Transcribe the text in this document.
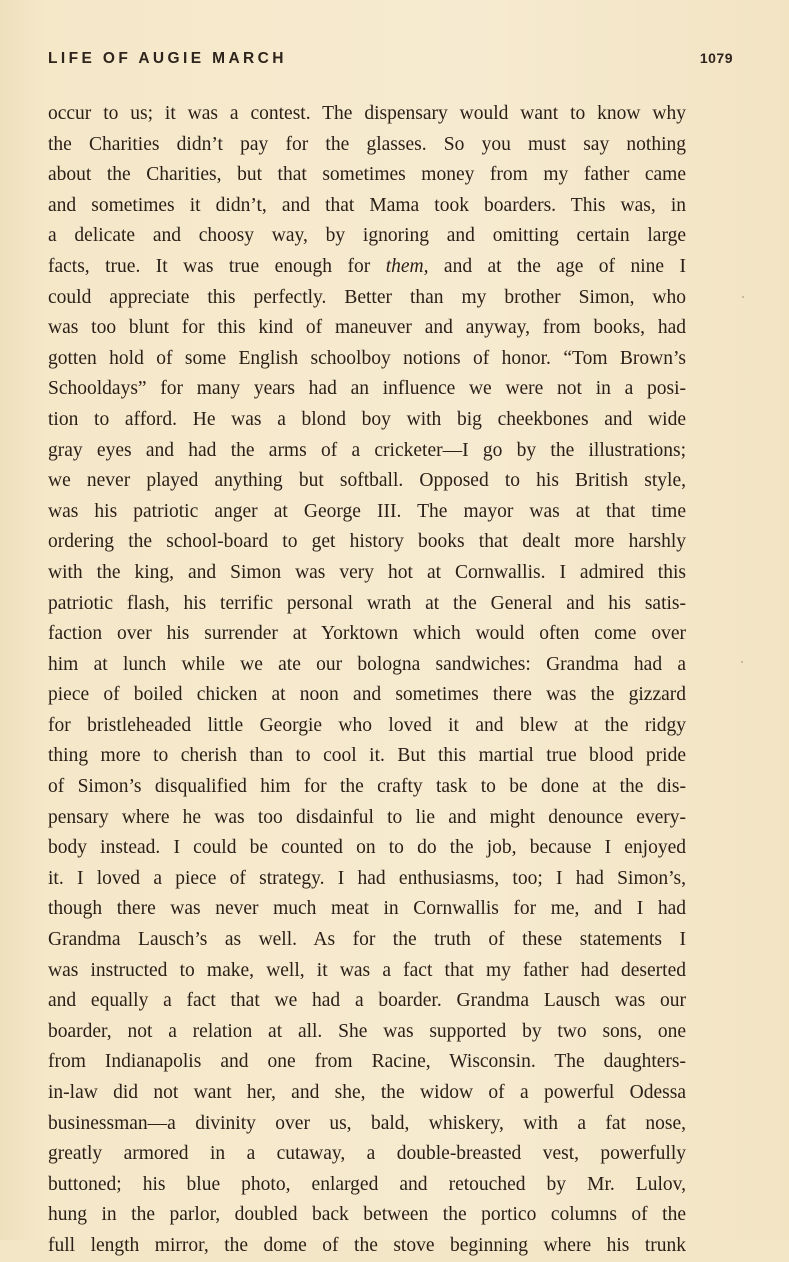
LIFE OF AUGIE MARCH	1079
occur to us; it was a contest. The dispensary would want to know why
the Charities didn’t pay for the glasses. So you must say nothing
about the Charities, but that sometimes money from my father came
and sometimes it didn’t, and that Mama took boarders. This was, in
a delicate and choosy way, by ignoring and omitting certain large
facts, true. It was true enough for them, and at the age of nine I
could appreciate this perfectly. Better than my brother Simon, who
was too blunt for this kind of maneuver and anyway, from books, had
gotten hold of some English schoolboy notions of honor. “Tom Brown’s
Schooldays” for many years had an influence we were not in a posi-
tion to afford. He was a blond boy with big cheekbones and wide
gray eyes and had the arms of a cricketer—I go by the illustrations;
we never played anything but softball. Opposed to his British style,
was his patriotic anger at George III. The mayor was at that time
ordering the school-board to get history books that dealt more harshly
with the king, and Simon was very hot at Cornwallis. I admired this
patriotic flash, his terrific personal wrath at the General and his satis-
faction over his surrender at Yorktown which would often come over
him at lunch while we ate our bologna sandwiches: Grandma had a
piece of boiled chicken at noon and sometimes there was the gizzard
for bristleheaded little Georgie who loved it and blew at the ridgy
thing more to cherish than to cool it. But this martial true blood pride
of Simon’s disqualified him for the crafty task to be done at the dis-
pensary where he was too disdainful to lie and might denounce every-
body instead. I could be counted on to do the job, because I enjoyed
it. I loved a piece of strategy. I had enthusiasms, too; I had Simon’s,
though there was never much meat in Cornwallis for me, and I had
Grandma Lausch’s as well. As for the truth of these statements I
was instructed to make, well, it was a fact that my father had deserted
and equally a fact that we had a boarder. Grandma Lausch was our
boarder, not a relation at all. She was supported by two sons, one
from Indianapolis and one from Racine, Wisconsin. The daughters-
in-law did not want her, and she, the widow of a powerful Odessa
businessman—a divinity over us, bald, whiskery, with a fat nose,
greatly armored in a cutaway, a double-breasted vest, powerfully
buttoned; his blue photo, enlarged and retouched by Mr. Lulov,
hung in the parlor, doubled back between the portico columns of the
full length mirror, the dome of the stove beginning where his trunk
